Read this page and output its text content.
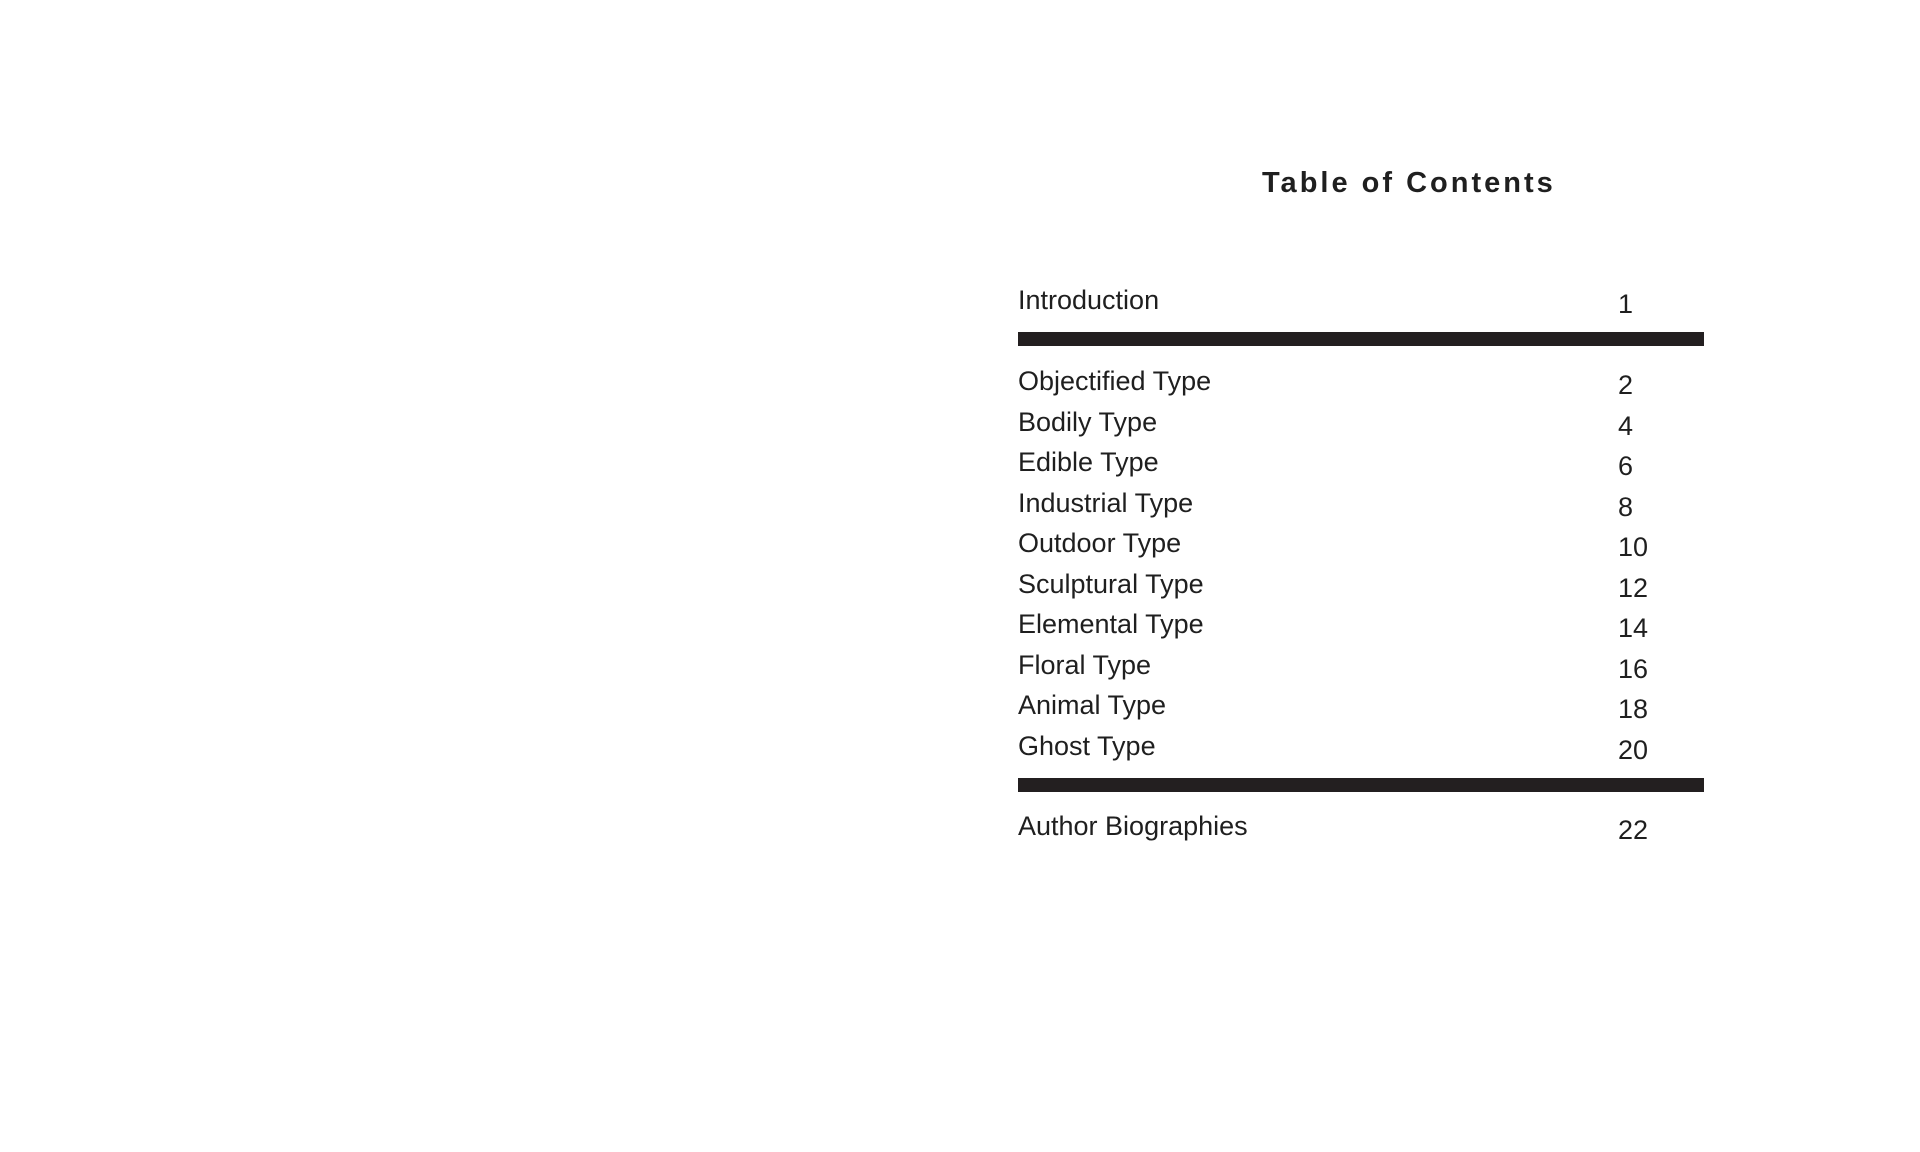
Table of Contents
Introduction	1
Objectified Type	2
Bodily Type	4
Edible Type	6
Industrial Type	8
Outdoor Type	10
Sculptural Type	12
Elemental Type	14
Floral Type	16
Animal Type	18
Ghost Type	20
Author Biographies	22
